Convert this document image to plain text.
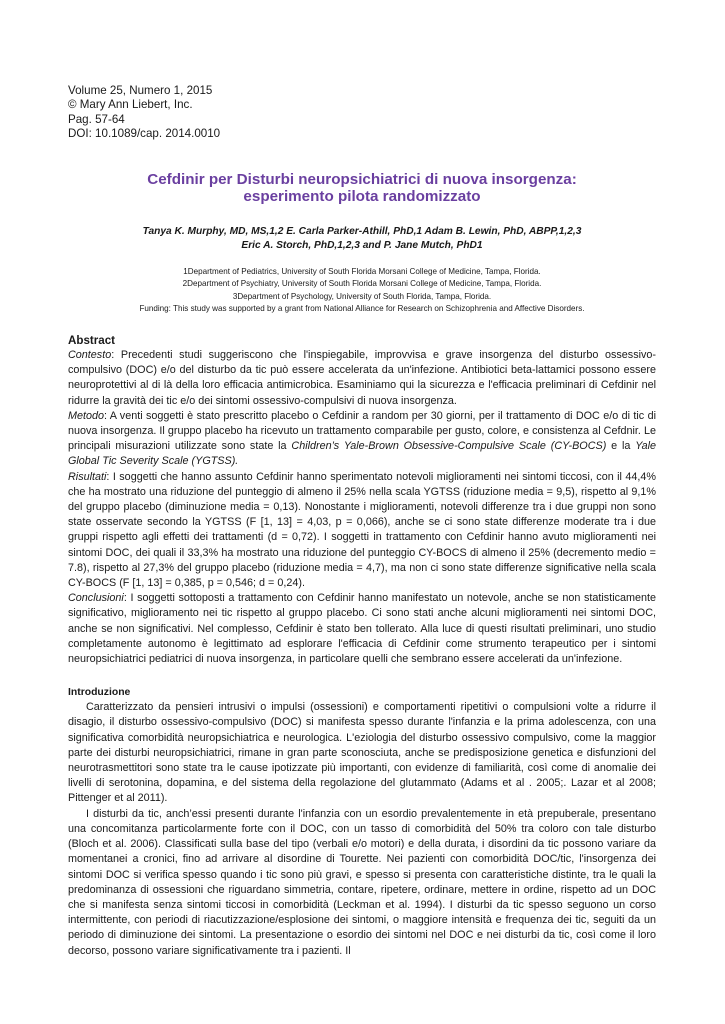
Volume 25, Numero 1, 2015
© Mary Ann Liebert, Inc.
Pag. 57-64
DOI: 10.1089/cap. 2014.0010
Cefdinir per Disturbi neuropsichiatrici di nuova insorgenza:
esperimento pilota randomizzato
Tanya K. Murphy, MD, MS,1,2 E. Carla Parker-Athill, PhD,1 Adam B. Lewin, PhD, ABPP,1,2,3
Eric A. Storch, PhD,1,2,3 and P. Jane Mutch, PhD1
1Department of Pediatrics, University of South Florida Morsani College of Medicine, Tampa, Florida.
2Department of Psychiatry, University of South Florida Morsani College of Medicine, Tampa, Florida.
3Department of Psychology, University of South Florida, Tampa, Florida.
Funding: This study was supported by a grant from National Alliance for Research on Schizophrenia and Affective Disorders.
Abstract
Contesto: Precedenti studi suggeriscono che l'inspiegabile, improvvisa e grave insorgenza del disturbo ossessivo-compulsivo (DOC) e/o del disturbo da tic può essere accelerata da un'infezione. Antibiotici beta-lattamici possono essere neuroprotettivi al di là della loro efficacia antimicrobica. Esaminiamo qui la sicurezza e l'efficacia preliminari di Cefdinir nel ridurre la gravità dei tic e/o dei sintomi ossessivo-compulsivi di nuova insorgenza.
Metodo: A venti soggetti è stato prescritto placebo o Cefdinir a random per 30 giorni, per il trattamento di DOC e/o di tic di nuova insorgenza. Il gruppo placebo ha ricevuto un trattamento comparabile per gusto, colore, e consistenza al Cefdnir. Le principali misurazioni utilizzate sono state la Children’s Yale-Brown Obsessive-Compulsive Scale (CY-BOCS) e la Yale Global Tic Severity Scale (YGTSS).
Risultati: I soggetti che hanno assunto Cefdinir hanno sperimentato notevoli miglioramenti nei sintomi ticcosi, con il 44,4% che ha mostrato una riduzione del punteggio di almeno il 25% nella scala YGTSS (riduzione media = 9,5), rispetto al 9,1% del gruppo placebo (diminuzione media = 0,13). Nonostante i miglioramenti, notevoli differenze tra i due gruppi non sono state osservate secondo la YGTSS (F [1, 13] = 4,03, p = 0,066), anche se ci sono state differenze moderate tra i due gruppi rispetto agli effetti dei trattamenti (d = 0,72). I soggetti in trattamento con Cefdinir hanno avuto miglioramenti nei sintomi DOC, dei quali il 33,3% ha mostrato una riduzione del punteggio CY-BOCS di almeno il 25% (decremento medio = 7.8), rispetto al 27,3% del gruppo placebo (riduzione media = 4,7), ma non ci sono state differenze significative nella scala CY-BOCS (F [1, 13] = 0,385, p = 0,546; d = 0,24).
Conclusioni: I soggetti sottoposti a trattamento con Cefdinir hanno manifestato un notevole, anche se non statisticamente significativo, miglioramento nei tic rispetto al gruppo placebo. Ci sono stati anche alcuni miglioramenti nei sintomi DOC, anche se non significativi. Nel complesso, Cefdinir è stato ben tollerato. Alla luce di questi risultati preliminari, uno studio completamente autonomo è legittimato ad esplorare l'efficacia di Cefdinir come strumento terapeutico per i sintomi neuropsichiatrici pediatrici di nuova insorgenza, in particolare quelli che sembrano essere accelerati da un'infezione.
Introduzione
Caratterizzato da pensieri intrusivi o impulsi (ossessioni) e comportamenti ripetitivi o compulsioni volte a ridurre il disagio, il disturbo ossessivo-compulsivo (DOC) si manifesta spesso durante l'infanzia e la prima adolescenza, con una significativa comorbidità neuropsichiatrica e neurologica. L'eziologia del disturbo ossessivo compulsivo, come la maggior parte dei disturbi neuropsichiatrici, rimane in gran parte sconosciuta, anche se predisposizione genetica e disfunzioni del neurotrasmettitori sono state tra le cause ipotizzate più importanti, con evidenze di familiarità, così come di anomalie dei livelli di serotonina, dopamina, e del sistema della regolazione del glutammato (Adams et al . 2005;. Lazar et al 2008; Pittenger et al 2011).
I disturbi da tic, anch’essi presenti durante l'infanzia con un esordio prevalentemente in età prepuberale, presentano una concomitanza particolarmente forte con il DOC, con un tasso di comorbidità del 50% tra coloro con tale disturbo (Bloch et al. 2006). Classificati sulla base del tipo (verbali e/o motori) e della durata, i disordini da tic possono variare da momentanei a cronici, fino ad arrivare al disordine di Tourette. Nei pazienti con comorbidità DOC/tic, l'insorgenza dei sintomi DOC si verifica spesso quando i tic sono più gravi, e spesso si presenta con caratteristiche distinte, tra le quali la predominanza di ossessioni che riguardano simmetria, contare, ripetere, ordinare, mettere in ordine, rispetto ad un DOC che si manifesta senza sintomi ticcosi in comorbidità (Leckman et al. 1994). I disturbi da tic spesso seguono un corso intermittente, con periodi di riacutizzazione/esplosione dei sintomi, o maggiore intensità e frequenza dei tic, seguiti da un periodo di diminuzione dei sintomi. La presentazione o esordio dei sintomi nel DOC e nei disturbi da tic, così come il loro decorso, possono variare significativamente tra i pazienti. Il
